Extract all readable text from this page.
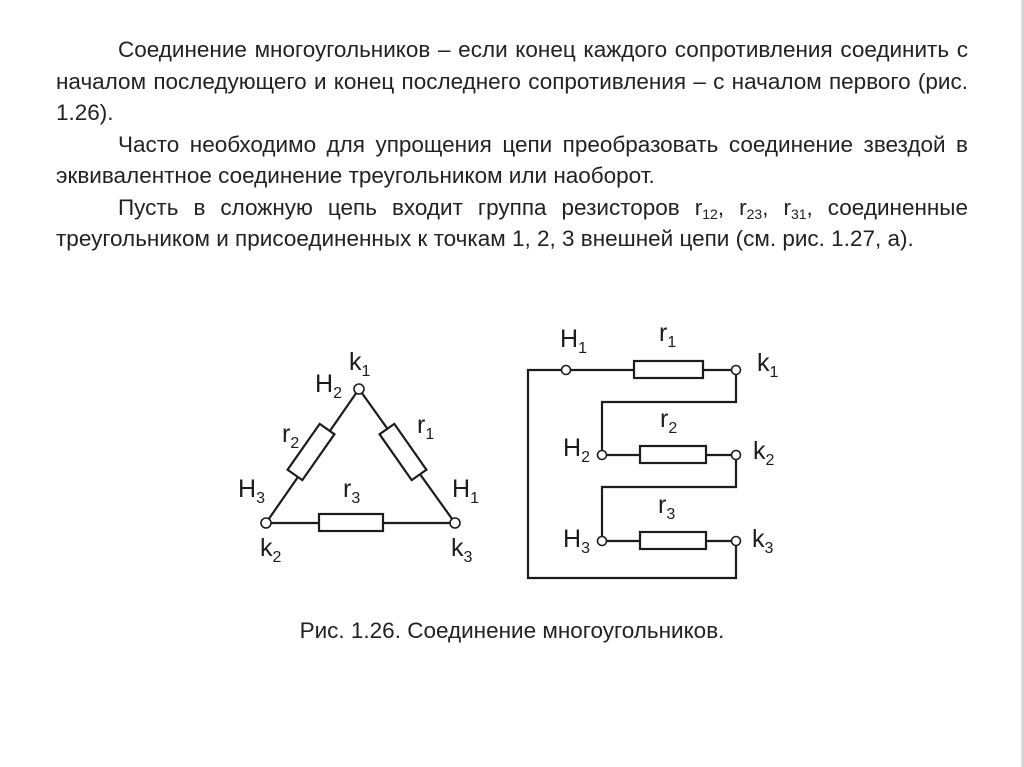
Соединение многоугольников – если конец каждого сопротивления соединить с началом последующего и конец последнего сопротивления – с началом первого (рис. 1.26).

Часто необходимо для упрощения цепи преобразовать соединение звездой в эквивалентное соединение треугольником или наоборот.

Пусть в сложную цепь входит группа резисторов $r_{12}$, $r_{23}$, $r_{31}$, соединенные треугольником и присоединенных к точкам 1, 2, 3 внешней цепи (см. рис. 1.27, а).

$H_2$
$k_1$
$r_2$
$r_1$
$r_3$
$H_3$
$k_2$
$H_1$
$k_3$
$H_1$
$r_1$
$k_1$
$H_2$
$r_2$
$k_2$
$H_3$
$r_3$
$k_3$
Рис. 1.26. Соединение многоугольников.
